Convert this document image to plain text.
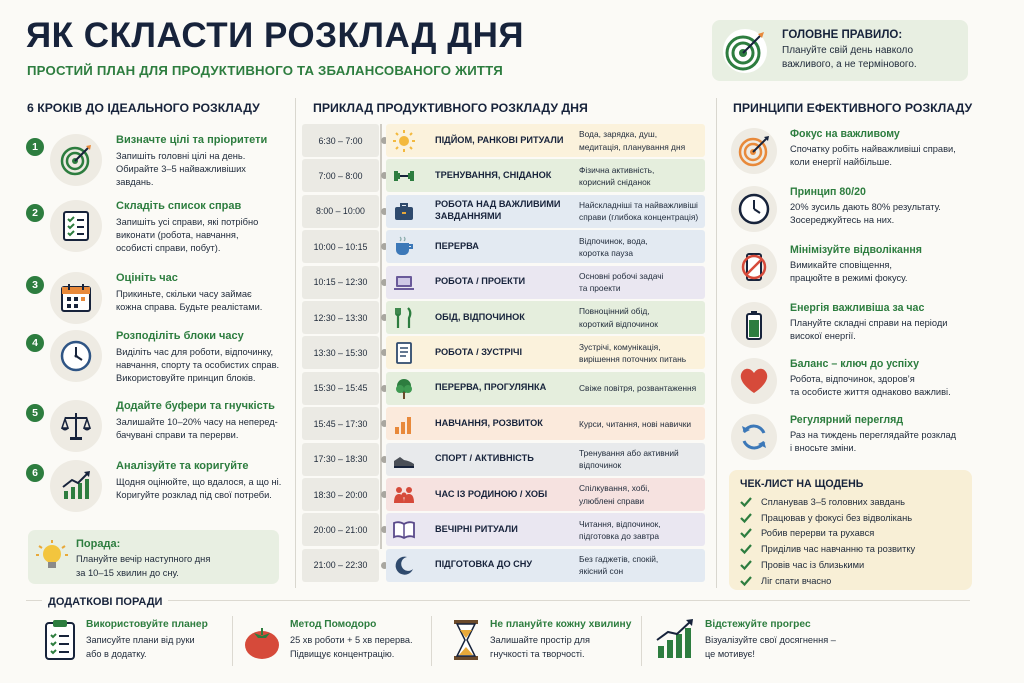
ЯК СКЛАСТИ РОЗКЛАД ДНЯ
ПРОСТИЙ ПЛАН ДЛЯ ПРОДУКТИВНОГО ТА ЗБАЛАНСОВАНОГО ЖИТТЯ
ГОЛОВНЕ ПРАВИЛО:
Плануйте свій день навколо
важливого, а не термінового.
6 КРОКІВ ДО ІДЕАЛЬНОГО РОЗКЛАДУ	ПРИКЛАД ПРОДУКТИВНОГО РОЗКЛАДУ ДНЯ	ПРИНЦИПИ ЕФЕКТИВНОГО РОЗКЛАДУ
1
Визначте цілі та пріоритети
Запишіть головні цілі на день.
Обирайте 3–5 найважливіших
завдань.
2
Складіть список справ
Запишіть усі справи, які потрібно
виконати (робота, навчання,
особисті справи, побут).
3
Оцініть час
Прикиньте, скільки часу займає
кожна справа. Будьте реалістами.
4
Розподіліть блоки часу
Виділіть час для роботи, відпочинку,
навчання, спорту та особистих справ.
Використовуйте принцип блоків.
5
Додайте буфери та гнучкість
Залишайте 10–20% часу на неперед-
бачувані справи та перерви.
6
Аналізуйте та коригуйте
Щодня оцінюйте, що вдалося, а що ні.
Коригуйте розклад під свої потреби.
Порада:
Плануйте вечір наступного дня
за 10–15 хвилин до сну.
6:30 – 7:00	ПІДЙОМ, РАНКОВІ РИТУАЛИ
Вода, зарядка, душ,
медитація, планування дня
7:00 – 8:00	ТРЕНУВАННЯ, СНІДАНОК
Фізична активність,
корисний сніданок
8:00 – 10:00
РОБОТА НАД ВАЖЛИВИМИ
ЗАВДАННЯМИ
Найскладніші та найважливіші
справи (глибока концентрація)
10:00 – 10:15	ПЕРЕРВА
Відпочинок, вода,
коротка пауза
10:15 – 12:30	РОБОТА / ПРОЕКТИ
Основні робочі задачі
та проекти
12:30 – 13:30	ОБІД, ВІДПОЧИНОК
Повноцінний обід,
короткий відпочинок
13:30 – 15:30	РОБОТА / ЗУСТРІЧІ
Зустрічі, комунікація,
вирішення поточних питань
15:30 – 15:45	ПЕРЕРВА, ПРОГУЛЯНКА	Свіже повітря, розвантаження
15:45 – 17:30	НАВЧАННЯ, РОЗВИТОК	Курси, читання, нові навички
17:30 – 18:30	СПОРТ / АКТИВНІСТЬ
Тренування або активний
відпочинок
18:30 – 20:00	ЧАС ІЗ РОДИНОЮ / ХОБІ
Спілкування, хобі,
улюблені справи
20:00 – 21:00	ВЕЧІРНІ РИТУАЛИ
Читання, відпочинок,
підготовка до завтра
21:00 – 22:30	ПІДГОТОВКА ДО СНУ
Без гаджетів, спокій,
якісний сон
Фокус на важливому
Спочатку робіть найважливіші справи,
коли енергії найбільше.
Принцип 80/20
20% зусиль дають 80% результату.
Зосереджуйтесь на них.
Мінімізуйте відволікання
Вимикайте сповіщення,
працюйте в режимі фокусу.
Енергія важливіша за час
Плануйте складні справи на періоди
високої енергії.
Баланс – ключ до успіху
Робота, відпочинок, здоров’я
та особисте життя однаково важливі.
Регулярний перегляд
Раз на тиждень переглядайте розклад
і вносьте зміни.
ЧЕК-ЛИСТ НА ЩОДЕНЬ
Спланував 3–5 головних завдань
Працював у фокусі без відволікань
Робив перерви та рухався
Приділив час навчанню та розвитку
Провів час із близькими
Ліг спати вчасно
ДОДАТКОВІ ПОРАДИ
Використовуйте планер
Записуйте плани від руки
або в додатку.
Метод Помодоро
25 хв роботи + 5 хв перерва.
Підвищує концентрацію.
Не плануйте кожну хвилину
Залишайте простір для
гнучкості та творчості.
Відстежуйте прогрес
Візуалізуйте свої досягнення –
це мотивує!
